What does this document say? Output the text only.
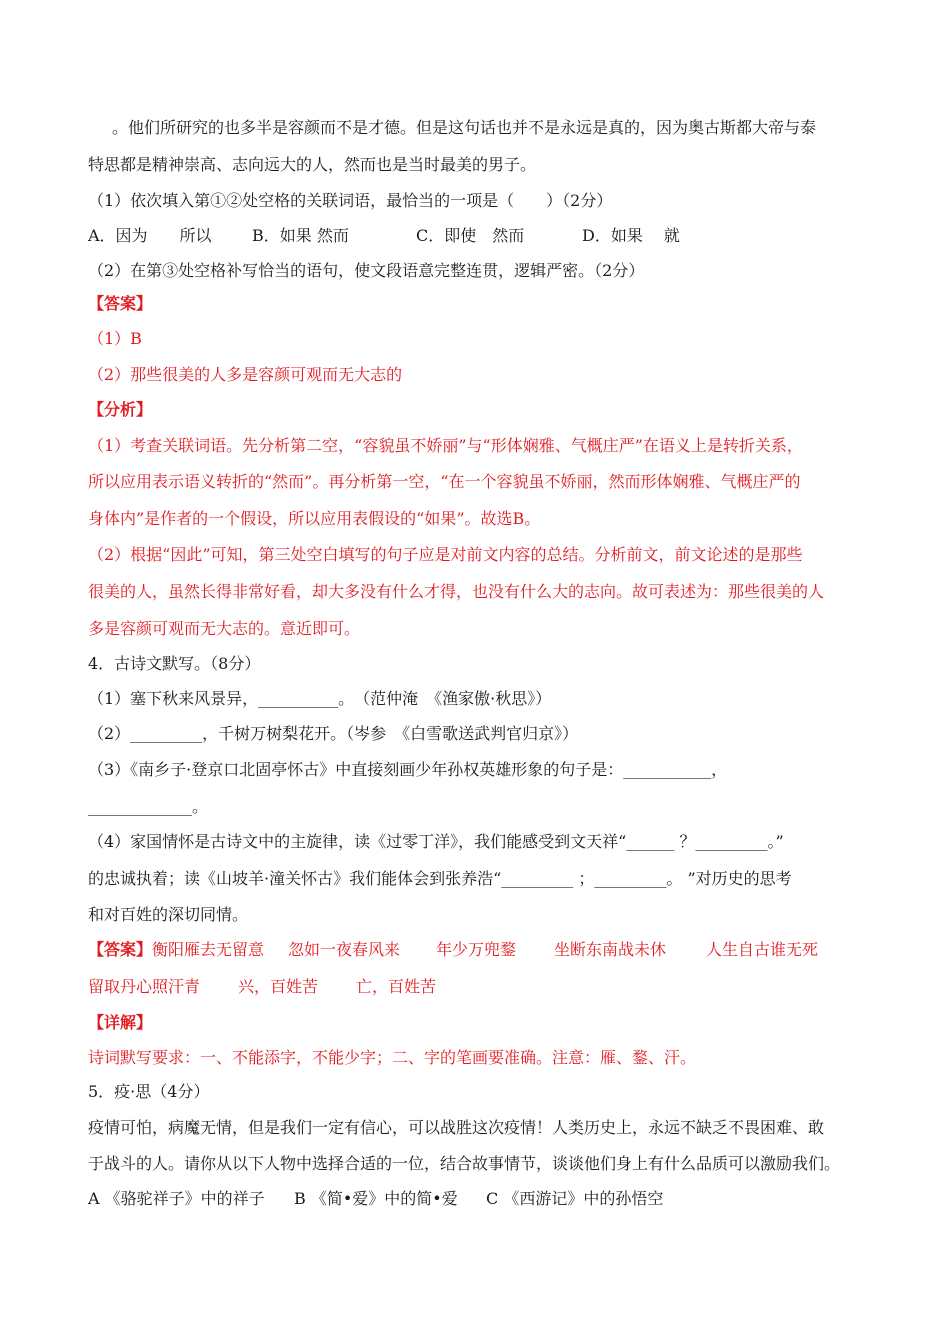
。他们所研究的也多半是容颜而不是才德。但是这句话也并不是永远是真的，因为奥古斯都大帝与泰
特思都是精神崇高、志向远大的人，然而也是当时最美的男子。
（1）依次填入第①②处空格的关联词语，最恰当的一项是（　　）（2分）
A．因为　　所以	B．如果 然而	C．即使　然而	D．如果　 就
（2）在第③处空格补写恰当的语句，使文段语意完整连贯，逻辑严密。（2分）
【答案】
（1）B
（2）那些很美的人多是容颜可观而无大志的
【分析】
（1）考查关联词语。先分析第二空，“容貌虽不娇丽”与“形体娴雅、气概庄严”在语义上是转折关系，
所以应用表示语义转折的“然而”。再分析第一空，“在一个容貌虽不娇丽，然而形体娴雅、气概庄严的
身体内”是作者的一个假设，所以应用表假设的“如果”。故选B。
（2）根据“因此”可知，第三处空白填写的句子应是对前文内容的总结。分析前文，前文论述的是那些
很美的人，虽然长得非常好看，却大多没有什么才得，也没有什么大的志向。故可表述为：那些很美的人
多是容颜可观而无大志的。意近即可。
4．古诗文默写。（8分）
（1）塞下秋来风景异，__________。　（范仲淹　《渔家傲·秋思》）
（2）_________，千树万树梨花开。（岑参　《白雪歌送武判官归京》）
（3）《南乡子·登京口北固亭怀古》中直接刻画少年孙权英雄形象的句子是：___________，
_____________。
（4）家国情怀是古诗文中的主旋律，读《过零丁洋》，我们能感受到文天祥“______ ？_________。”
的忠诚执着；读《山坡羊·潼关怀古》我们能体会到张养浩“_________ ；_________。 ”对历史的思考
和对百姓的深切同情。
【答案】衡阳雁去无留意 忽如一夜春风来 年少万兜鍪 坐断东南战未休 人生自古谁无死
留取丹心照汗青 兴，百姓苦 亡，百姓苦
【详解】
诗词默写要求：一、不能添字，不能少字；二、字的笔画要准确。注意：雁、鍪、汗。
5．疫·思（4分）
疫情可怕，病魔无情，但是我们一定有信心，可以战胜这次疫情！人类历史上，永远不缺乏不畏困难、敢
于战斗的人。请你从以下人物中选择合适的一位，结合故事情节，谈谈他们身上有什么品质可以激励我们。
A 《骆驼祥子》中的祥子 B 《简•爱》中的简•爱 C 《西游记》中的孙悟空
